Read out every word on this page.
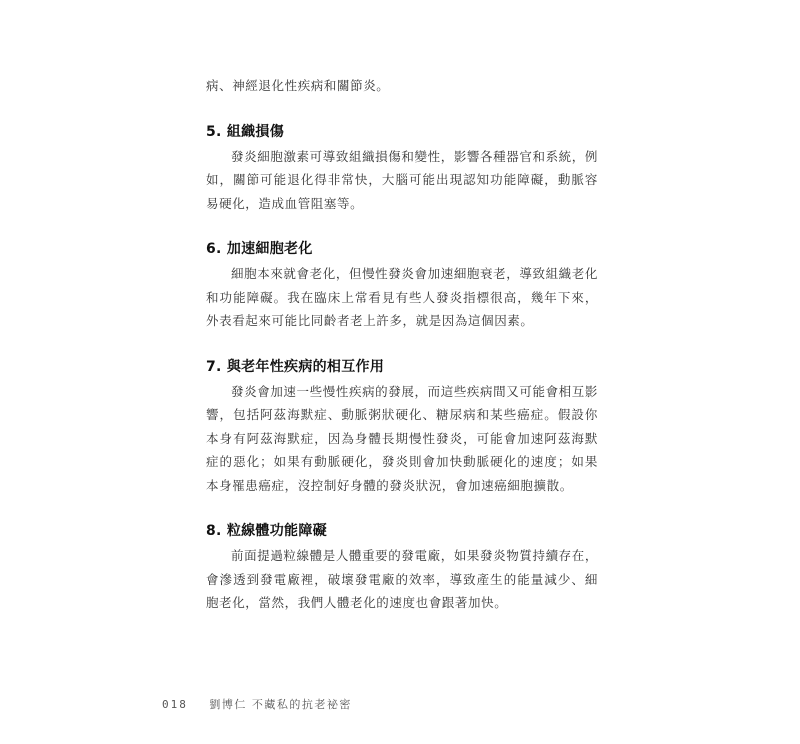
病、神經退化性疾病和關節炎。

5. 組織損傷

發炎細胞激素可導致組織損傷和變性，影響各種器官和系統，例如，關節可能退化得非常快，大腦可能出現認知功能障礙，動脈容易硬化，造成血管阻塞等。

6. 加速細胞老化

細胞本來就會老化，但慢性發炎會加速細胞衰老，導致組織老化和功能障礙。我在臨床上常看見有些人發炎指標很高，幾年下來，外表看起來可能比同齡者老上許多，就是因為這個因素。

7. 與老年性疾病的相互作用

發炎會加速一些慢性疾病的發展，而這些疾病間又可能會相互影響，包括阿茲海默症、動脈粥狀硬化、糖尿病和某些癌症。假設你本身有阿茲海默症，因為身體長期慢性發炎，可能會加速阿茲海默症的惡化；如果有動脈硬化，發炎則會加快動脈硬化的速度；如果本身罹患癌症，沒控制好身體的發炎狀況，會加速癌細胞擴散。

8. 粒線體功能障礙

前面提過粒線體是人體重要的發電廠，如果發炎物質持續存在，會滲透到發電廠裡，破壞發電廠的效率，導致產生的能量減少、細胞老化，當然，我們人體老化的速度也會跟著加快。

018 劉博仁 不藏私的抗老祕密
